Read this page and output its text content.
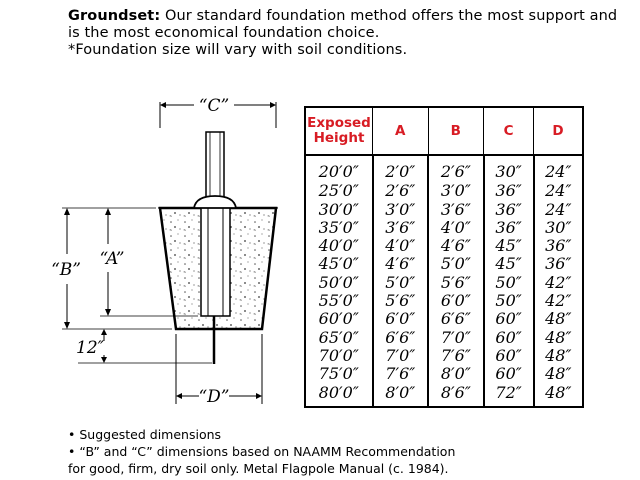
Groundset: Our standard foundation method offers the most support and is the most economical foundation choice.
*Foundation size will vary with soil conditions.
“C”
“B”
“A”
12″
“D”
Exposed Height	A	B	C	D
20′0″	2′0″	2′6″	30″	24″
25′0″	2′6″	3′0″	36″	24″
30′0″	3′0″	3′6″	36″	24″
35′0″	3′6″	4′0″	36″	30″
40′0″	4′0″	4′6″	45″	36″
45′0″	4′6″	5′0″	45″	36″
50′0″	5′0″	5′6″	50″	42″
55′0″	5′6″	6′0″	50″	42″
60′0″	6′0″	6′6″	60″	48″
65′0″	6′6″	7′0″	60″	48″
70′0″	7′0″	7′6″	60″	48″
75′0″	7′6″	8′0″	60″	48″
80′0″	8′0″	8′6″	72″	48″
• Suggested dimensions
• “B” and “C” dimensions based on NAAMM Recommendation
for good, firm, dry soil only. Metal Flagpole Manual (c. 1984).
